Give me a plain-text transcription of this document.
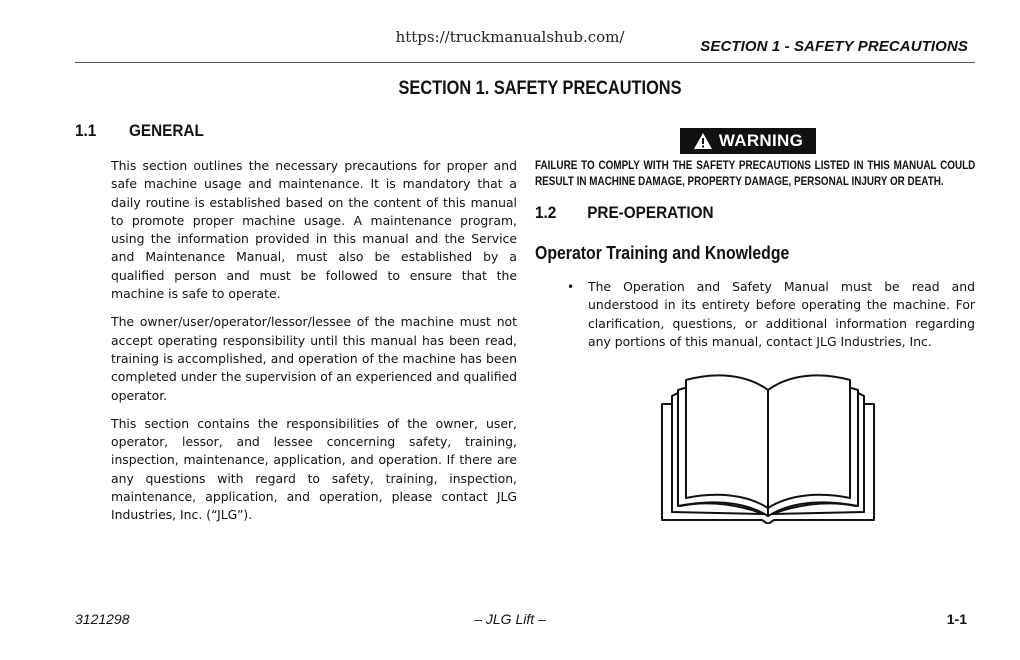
https://truckmanualshub.com/
SECTION 1 - SAFETY PRECAUTIONS
SECTION 1. SAFETY PRECAUTIONS
1.1 GENERAL

This section outlines the necessary precautions for proper and safe machine usage and maintenance. It is mandatory that a daily routine is established based on the content of this manual to promote proper machine usage. A maintenance program, using the information provided in this manual and the Service and Maintenance Manual, must also be established by a qualified person and must be followed to ensure that the machine is safe to operate.

The owner/user/operator/lessor/lessee of the machine must not accept operating responsibility until this manual has been read, training is accomplished, and operation of the machine has been completed under the supervision of an experienced and qualified operator.

This section contains the responsibilities of the owner, user, operator, lessor, and lessee concerning safety, training, inspection, maintenance, application, and operation. If there are any questions with regard to safety, training, inspection, maintenance, application, and operation, please contact JLG Industries, Inc. (“JLG”).

WARNING
FAILURE TO COMPLY WITH THE SAFETY PRECAUTIONS LISTED IN THIS MANUAL COULD RESULT IN MACHINE DAMAGE, PROPERTY DAMAGE, PERSONAL INJURY OR DEATH.
1.2 PRE-OPERATION
Operator Training and Knowledge
• The Operation and Safety Manual must be read and understood in its entirety before operating the machine. For clarification, questions, or additional information regarding any portions of this manual, contact JLG Industries, Inc.
3121298	– JLG Lift –	1-1
